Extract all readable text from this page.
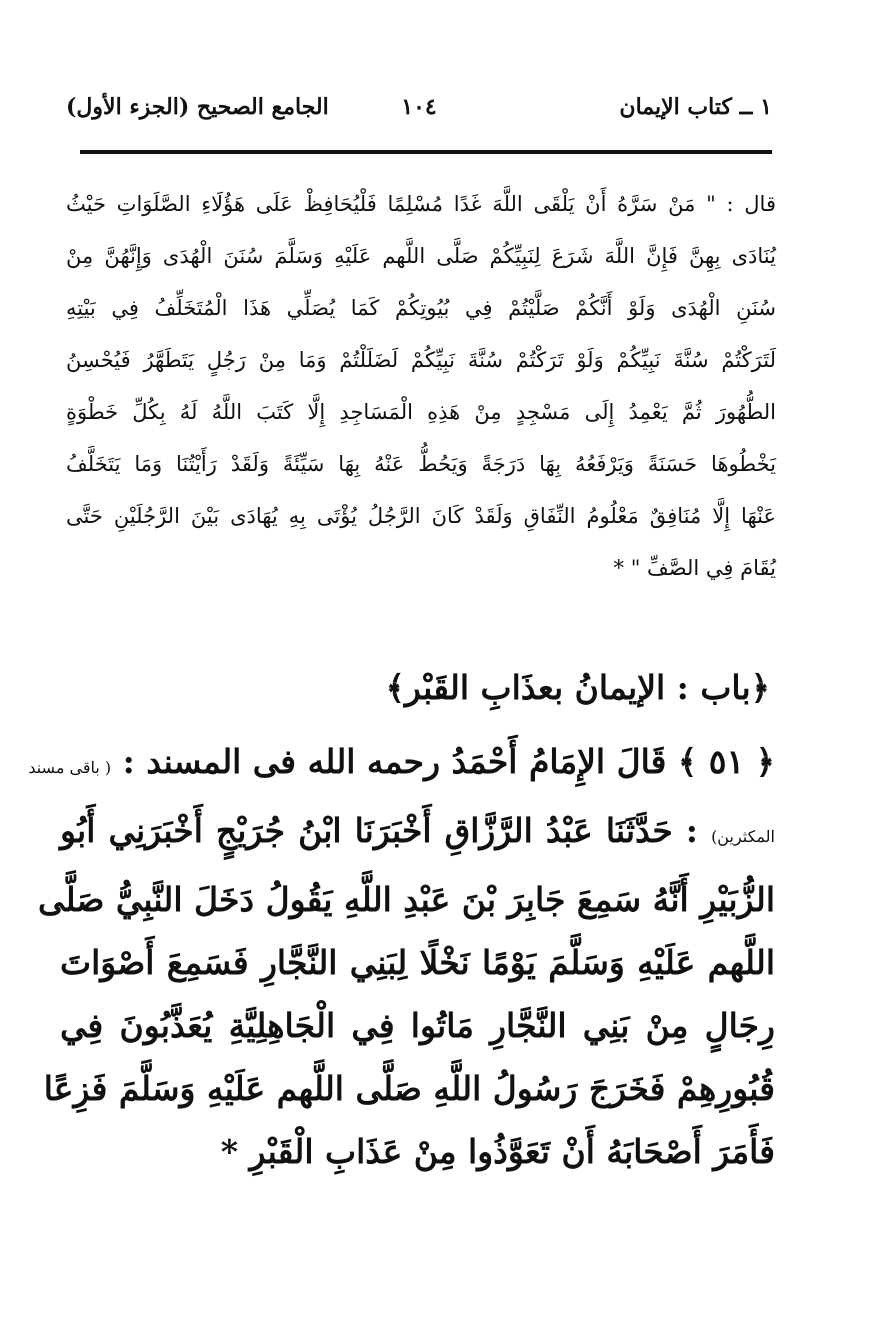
١ ــ كتاب الإيمان
١٠٤
الجامع الصحيح (الجزء الأول)
قال : " مَنْ سَرَّهُ أَنْ يَلْقَى اللَّهَ غَدًا مُسْلِمًا فَلْيُحَافِظْ عَلَى هَؤُلَاءِ الصَّلَوَاتِ حَيْثُ
يُنَادَى بِهِنَّ فَإِنَّ اللَّهَ شَرَعَ لِنَبِيِّكُمْ صَلَّى اللَّهم عَلَيْهِ وَسَلَّمَ سُنَنَ الْهُدَى وَإِنَّهُنَّ مِنْ
سُنَنِ الْهُدَى وَلَوْ أَنَّكُمْ صَلَّيْتُمْ فِي بُيُوتِكُمْ كَمَا يُصَلِّي هَذَا الْمُتَخَلِّفُ فِي بَيْتِهِ
لَتَرَكْتُمْ سُنَّةَ نَبِيِّكُمْ وَلَوْ تَرَكْتُمْ سُنَّةَ نَبِيِّكُمْ لَضَلَلْتُمْ وَمَا مِنْ رَجُلٍ يَتَطَهَّرُ فَيُحْسِنُ
الطُّهُورَ ثُمَّ يَعْمِدُ إِلَى مَسْجِدٍ مِنْ هَذِهِ الْمَسَاجِدِ إِلَّا كَتَبَ اللَّهُ لَهُ بِكُلِّ خَطْوَةٍ
يَخْطُوهَا حَسَنَةً وَيَرْفَعُهُ بِهَا دَرَجَةً وَيَحُطُّ عَنْهُ بِهَا سَيِّئَةً وَلَقَدْ رَأَيْتُنَا وَمَا يَتَخَلَّفُ
عَنْهَا إِلَّا مُنَافِقٌ مَعْلُومُ النِّفَاقِ وَلَقَدْ كَانَ الرَّجُلُ يُؤْتَى بِهِ يُهَادَى بَيْنَ الرَّجُلَيْنِ حَتَّى
يُقَامَ فِي الصَّفِّ " *
﴿باب : الإيمانُ بعذَابِ القَبْر﴾
﴿ ٥١ ﴾ قَالَ الإِمَامُ أَحْمَدُ رحمه الله فى المسند : ( باقى مسند
المكثرين) : حَدَّثَنَا عَبْدُ الرَّزَّاقِ أَخْبَرَنَا ابْنُ جُرَيْجٍ أَخْبَرَنِي أَبُو
الزُّبَيْرِ أَنَّهُ سَمِعَ جَابِرَ بْنَ عَبْدِ اللَّهِ يَقُولُ دَخَلَ النَّبِيُّ صَلَّى
اللَّهم عَلَيْهِ وَسَلَّمَ يَوْمًا نَخْلًا لِبَنِي النَّجَّارِ فَسَمِعَ أَصْوَاتَ
رِجَالٍ مِنْ بَنِي النَّجَّارِ مَاتُوا فِي الْجَاهِلِيَّةِ يُعَذَّبُونَ فِي
قُبُورِهِمْ فَخَرَجَ رَسُولُ اللَّهِ صَلَّى اللَّهم عَلَيْهِ وَسَلَّمَ فَزِعًا
فَأَمَرَ أَصْحَابَهُ أَنْ تَعَوَّذُوا مِنْ عَذَابِ الْقَبْرِ *
